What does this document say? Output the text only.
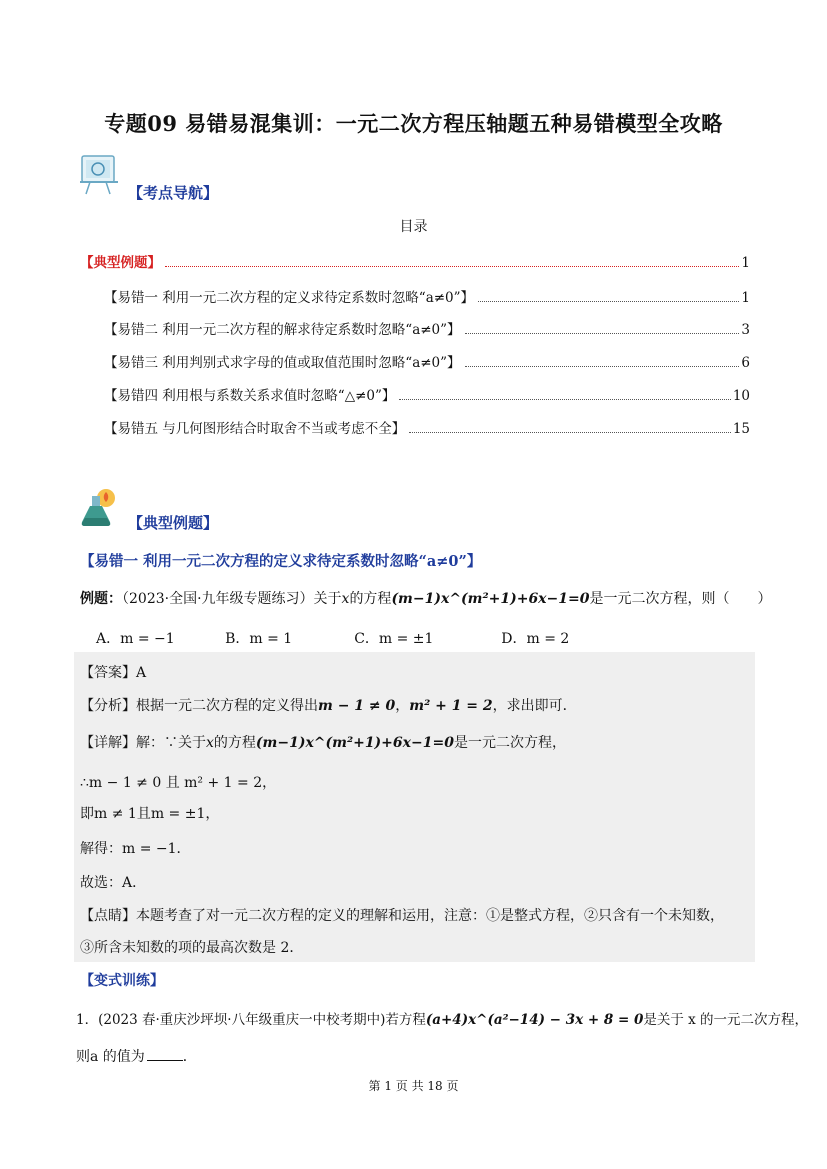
专题09 易错易混集训：一元二次方程压轴题五种易错模型全攻略
【考点导航】
目录
【典型例题】	1
【易错一 利用一元二次方程的定义求待定系数时忽略“a≠0”】	1
【易错二 利用一元二次方程的解求待定系数时忽略“a≠0”】	3
【易错三 利用判别式求字母的值或取值范围时忽略“a≠0”】	6
【易错四 利用根与系数关系求值时忽略“△≠0”】	10
【易错五 与几何图形结合时取舍不当或考虑不全】	15
【典型例题】
【易错一 利用一元二次方程的定义求待定系数时忽略“a≠0”】
例题：（2023·全国·九年级专题练习）关于x的方程(m−1)x^(m²+1)+6x−1=0是一元二次方程，则（　　）
A．m = −1	B．m = 1	C．m = ±1	D．m = 2
【答案】A
【分析】根据一元二次方程的定义得出m − 1 ≠ 0，m² + 1 = 2，求出即可．
【详解】解：∵关于x的方程(m−1)x^(m²+1)+6x−1=0是一元二次方程，
∴m − 1 ≠ 0 且 m² + 1 = 2，
即m ≠ 1且m = ±1，
解得：m = −1．
故选：A．
【点睛】本题考查了对一元二次方程的定义的理解和运用，注意：①是整式方程，②只含有一个未知数，
③所含未知数的项的最高次数是 2．
【变式训练】
1．(2023 春·重庆沙坪坝·八年级重庆一中校考期中)若方程(a+4)x^(a²−14) − 3x + 8 = 0是关于 x 的一元二次方程，
则a 的值为	．
第 1 页 共 18 页
